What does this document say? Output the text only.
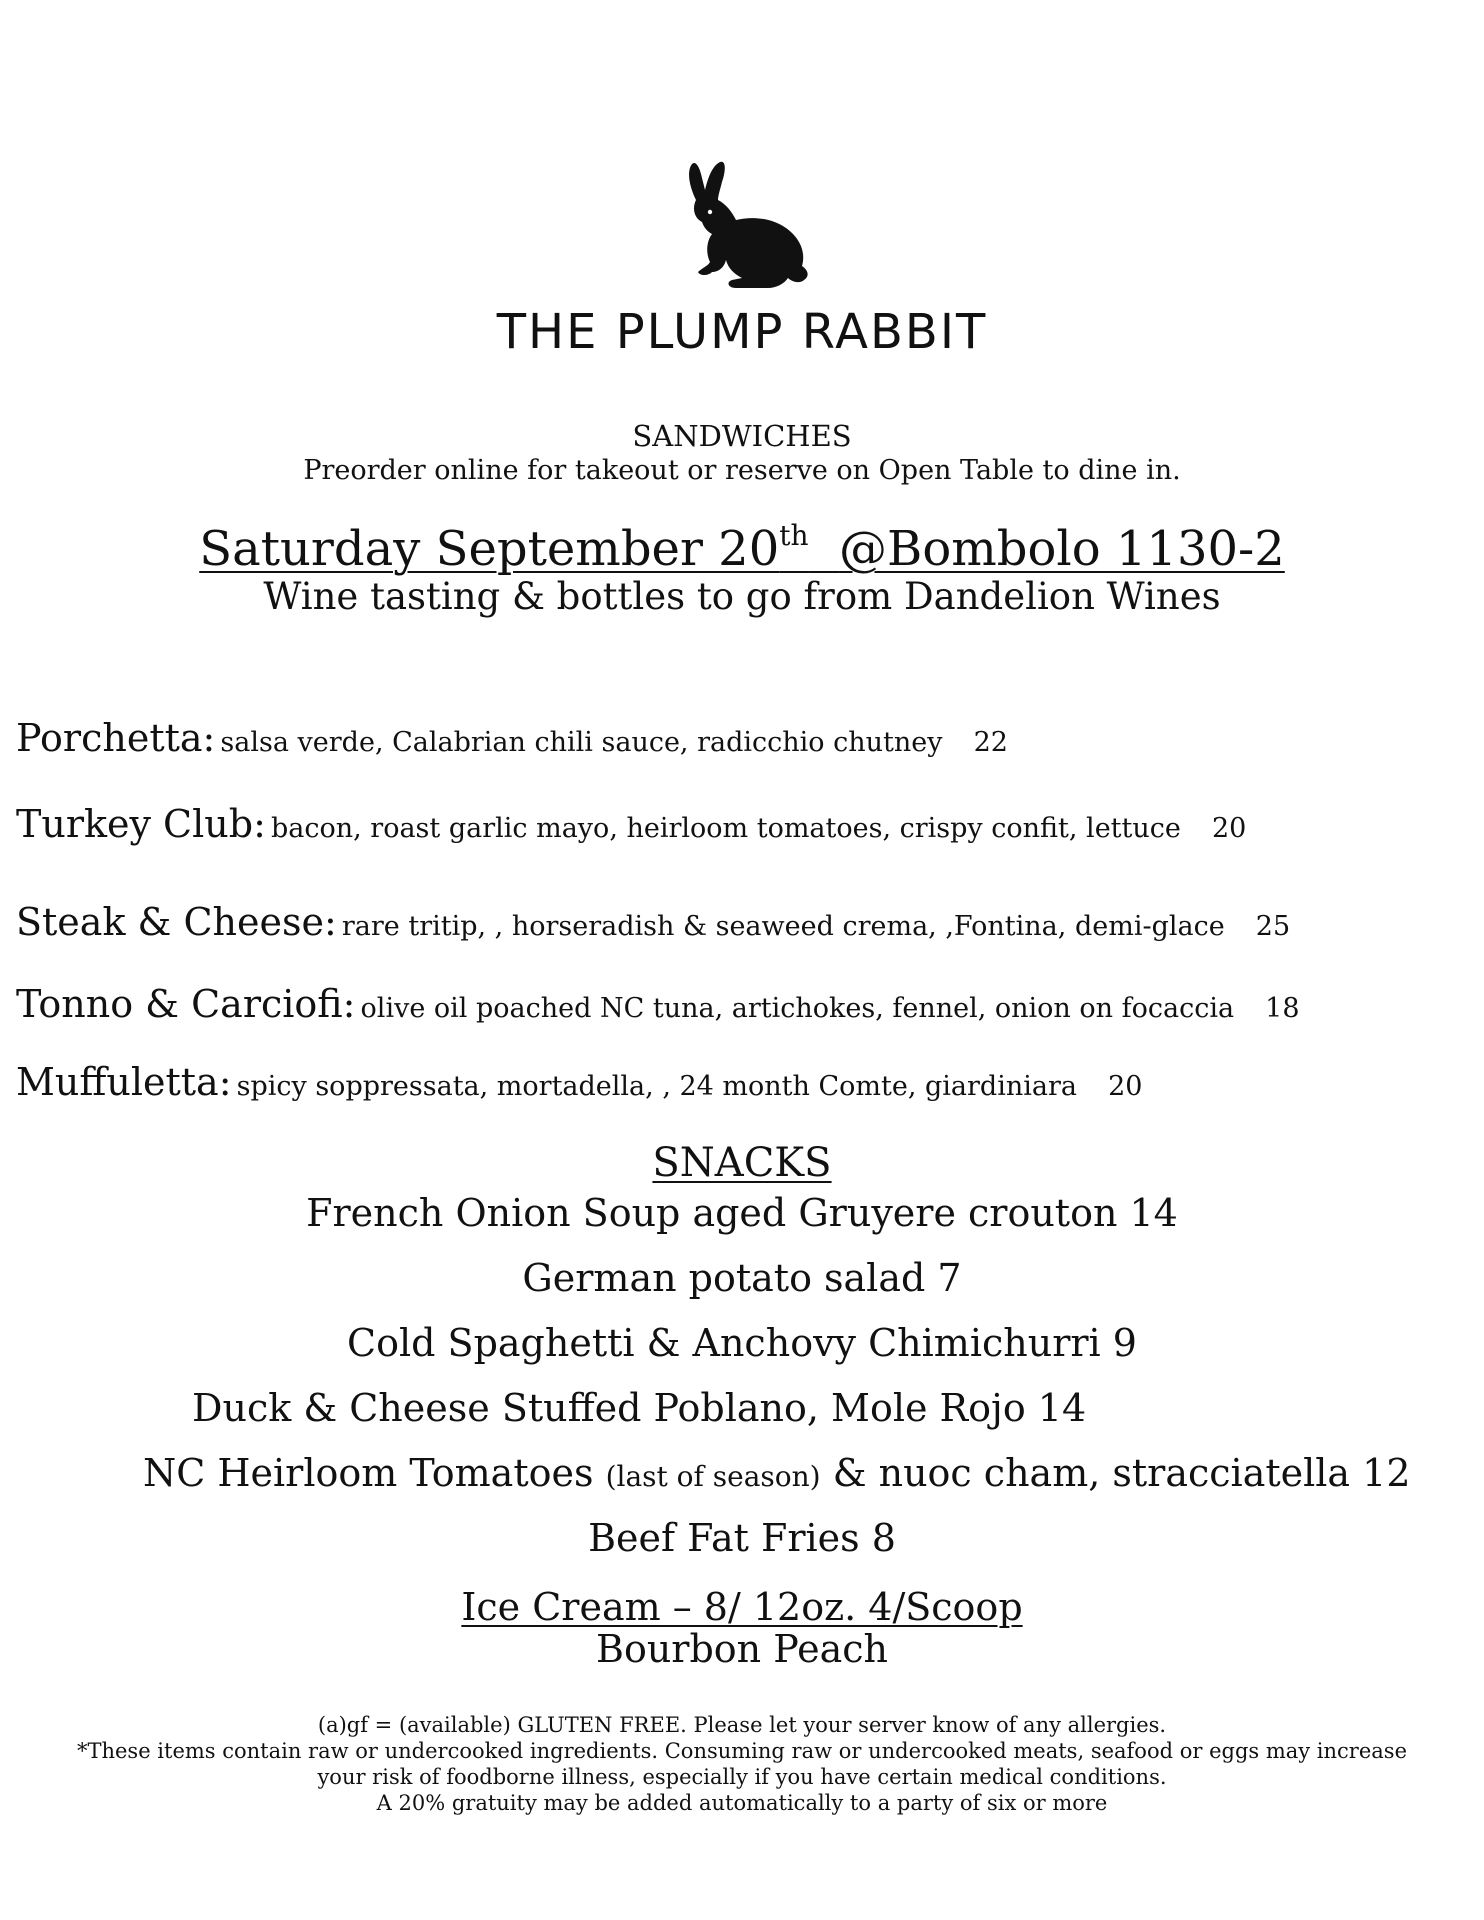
THE PLUMP RABBIT
SANDWICHES
Preorder online for takeout or reserve on Open Table to dine in.
Saturday September 20th @Bombolo 1130-2
Wine tasting & bottles to go from Dandelion Wines
Porchetta: salsa verde, Calabrian chili sauce, radicchio chutney 22
Turkey Club: bacon, roast garlic mayo, heirloom tomatoes, crispy confit, lettuce 20
Steak & Cheese: rare tritip, , horseradish & seaweed crema, ,Fontina, demi-glace 25
Tonno & Carciofi: olive oil poached NC tuna, artichokes, fennel, onion on focaccia 18
Muffuletta: spicy soppressata, mortadella, , 24 month Comte, giardiniara 20
SNACKS
French Onion Soup aged Gruyere crouton 14
German potato salad 7
Cold Spaghetti & Anchovy Chimichurri 9
Duck & Cheese Stuffed Poblano, Mole Rojo 14
NC Heirloom Tomatoes (last of season) & nuoc cham, stracciatella 12
Beef Fat Fries 8
Ice Cream – 8/ 12oz. 4/Scoop
Bourbon Peach
(a)gf = (available) GLUTEN FREE. Please let your server know of any allergies.
*These items contain raw or undercooked ingredients. Consuming raw or undercooked meats, seafood or eggs may increase
your risk of foodborne illness, especially if you have certain medical conditions.
A 20% gratuity may be added automatically to a party of six or more
